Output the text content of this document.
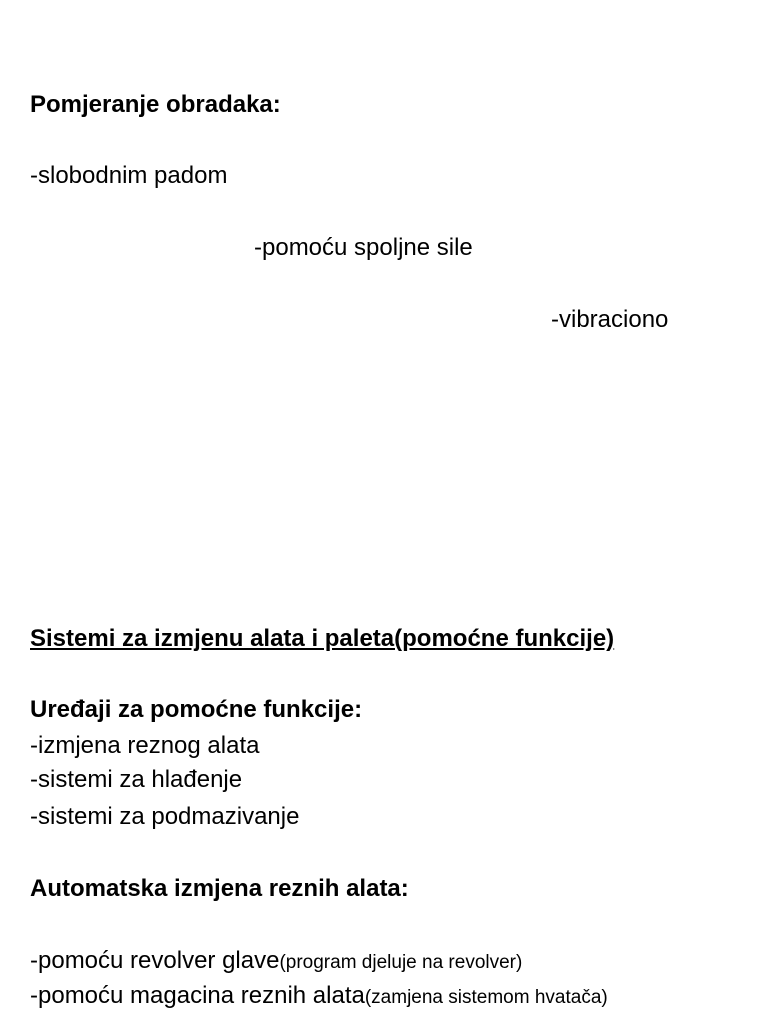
Pomjeranje obradaka:
-slobodnim padom
-pomoću spoljne sile
-vibraciono
Sistemi za izmjenu alata i paleta(pomoćne funkcije)
Uređaji za pomoćne funkcije:
-izmjena reznog alata
-sistemi za hlađenje
-sistemi za podmazivanje
Automatska izmjena reznih alata:
-pomoću revolver glave(program djeluje na revolver)
-pomoću magacina reznih alata(zamjena sistemom hvatača)
